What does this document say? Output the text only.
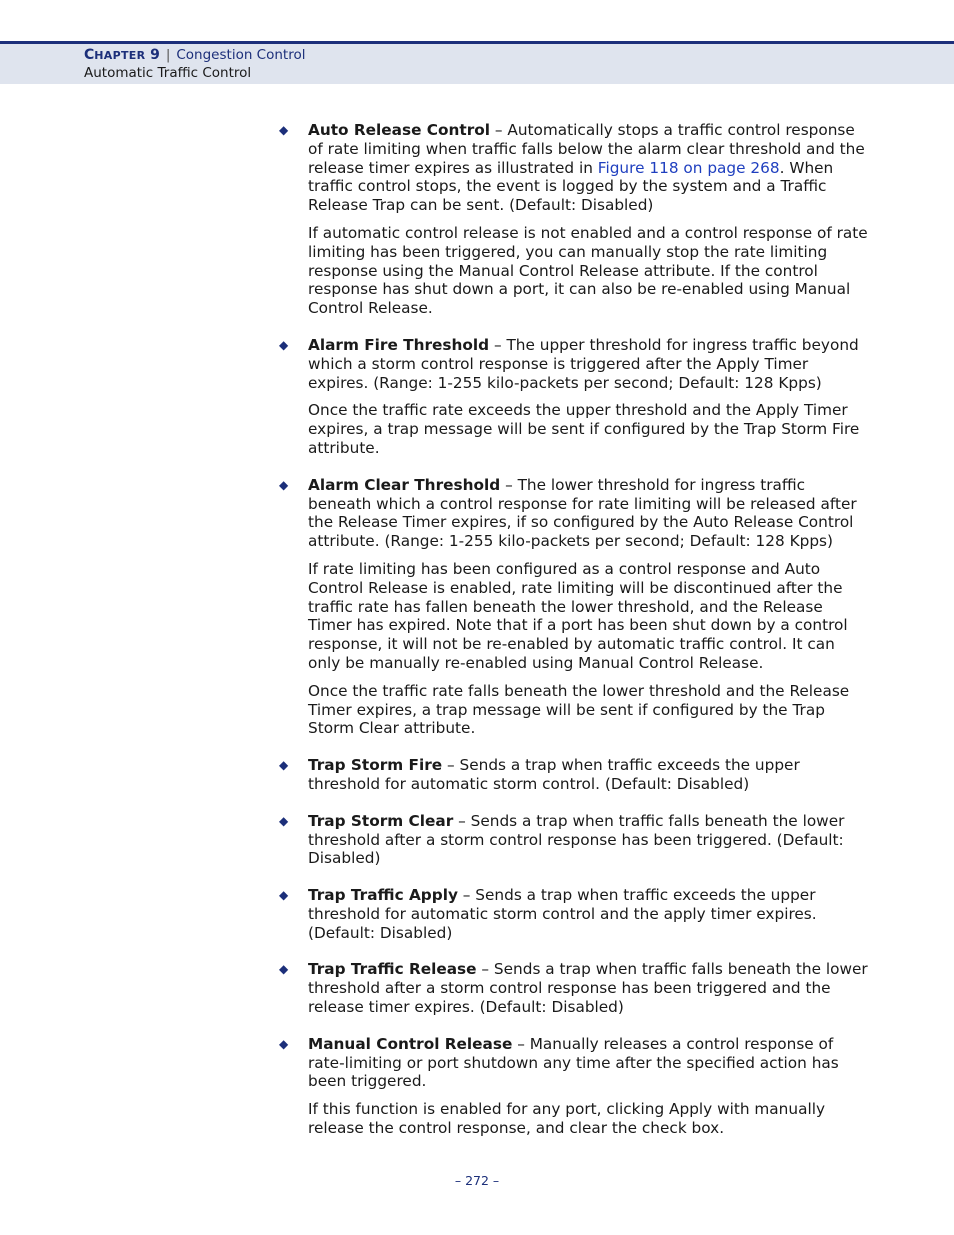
CHAPTER 9 | Congestion Control
Automatic Traffic Control
◆ Auto Release Control – Automatically stops a traffic control response of rate limiting when traffic falls below the alarm clear threshold and the release timer expires as illustrated in Figure 118 on page 268. When traffic control stops, the event is logged by the system and a Traffic Release Trap can be sent. (Default: Disabled)

If automatic control release is not enabled and a control response of rate limiting has been triggered, you can manually stop the rate limiting response using the Manual Control Release attribute. If the control response has shut down a port, it can also be re-enabled using Manual Control Release.

◆ Alarm Fire Threshold – The upper threshold for ingress traffic beyond which a storm control response is triggered after the Apply Timer expires. (Range: 1-255 kilo-packets per second; Default: 128 Kpps)

Once the traffic rate exceeds the upper threshold and the Apply Timer expires, a trap message will be sent if configured by the Trap Storm Fire attribute.

◆ Alarm Clear Threshold – The lower threshold for ingress traffic beneath which a control response for rate limiting will be released after the Release Timer expires, if so configured by the Auto Release Control attribute. (Range: 1-255 kilo-packets per second; Default: 128 Kpps)

If rate limiting has been configured as a control response and Auto Control Release is enabled, rate limiting will be discontinued after the traffic rate has fallen beneath the lower threshold, and the Release Timer has expired. Note that if a port has been shut down by a control response, it will not be re-enabled by automatic traffic control. It can only be manually re-enabled using Manual Control Release.

Once the traffic rate falls beneath the lower threshold and the Release Timer expires, a trap message will be sent if configured by the Trap Storm Clear attribute.

◆ Trap Storm Fire – Sends a trap when traffic exceeds the upper threshold for automatic storm control. (Default: Disabled)

◆ Trap Storm Clear – Sends a trap when traffic falls beneath the lower threshold after a storm control response has been triggered. (Default: Disabled)

◆ Trap Traffic Apply – Sends a trap when traffic exceeds the upper threshold for automatic storm control and the apply timer expires. (Default: Disabled)

◆ Trap Traffic Release – Sends a trap when traffic falls beneath the lower threshold after a storm control response has been triggered and the release timer expires. (Default: Disabled)

◆ Manual Control Release – Manually releases a control response of rate-limiting or port shutdown any time after the specified action has been triggered.

If this function is enabled for any port, clicking Apply with manually release the control response, and clear the check box.

– 272 –
